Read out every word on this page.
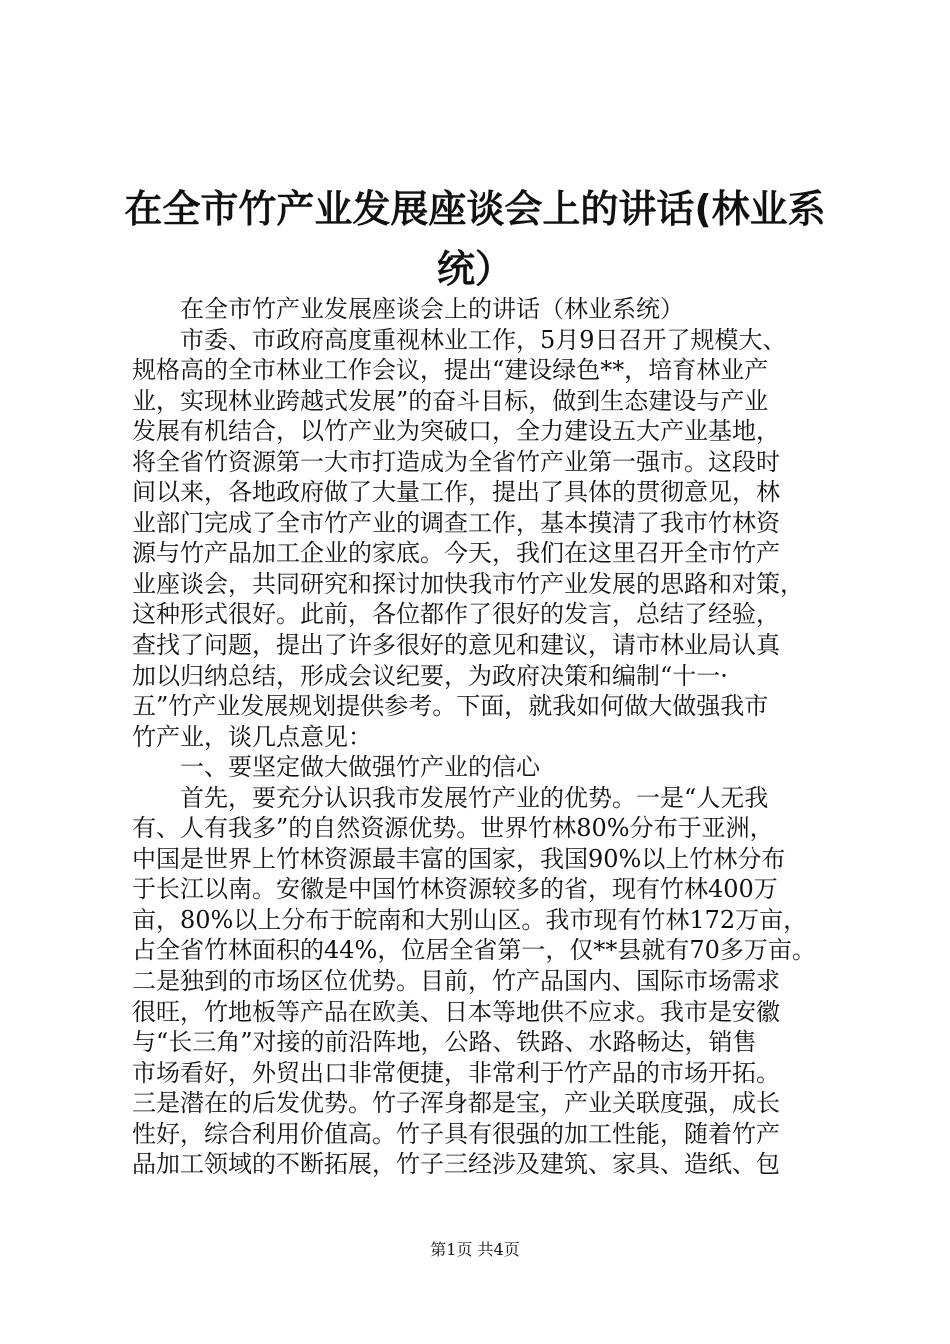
在全市竹产业发展座谈会上的讲话(林业系
统）

在全市竹产业发展座谈会上的讲话（林业系统）

市委、市政府高度重视林业工作，5月9日召开了规模大、

规格高的全市林业工作会议，提出“建设绿色**，培育林业产

业，实现林业跨越式发展”的奋斗目标，做到生态建设与产业

发展有机结合，以竹产业为突破口，全力建设五大产业基地，

将全省竹资源第一大市打造成为全省竹产业第一强市。这段时

间以来，各地政府做了大量工作，提出了具体的贯彻意见，林

业部门完成了全市竹产业的调查工作，基本摸清了我市竹林资

源与竹产品加工企业的家底。今天，我们在这里召开全市竹产

业座谈会，共同研究和探讨加快我市竹产业发展的思路和对策，

这种形式很好。此前，各位都作了很好的发言，总结了经验，

查找了问题，提出了许多很好的意见和建议，请市林业局认真

加以归纳总结，形成会议纪要，为政府决策和编制“十一·

五”竹产业发展规划提供参考。下面，就我如何做大做强我市

竹产业，谈几点意见：

一、要坚定做大做强竹产业的信心

首先，要充分认识我市发展竹产业的优势。一是“人无我

有、人有我多”的自然资源优势。世界竹林80%分布于亚洲，

中国是世界上竹林资源最丰富的国家，我国90%以上竹林分布

于长江以南。安徽是中国竹林资源较多的省，现有竹林400万

亩，80%以上分布于皖南和大别山区。我市现有竹林172万亩，

占全省竹林面积的44%，位居全省第一，仅**县就有70多万亩。

二是独到的市场区位优势。目前，竹产品国内、国际市场需求

很旺，竹地板等产品在欧美、日本等地供不应求。我市是安徽

与“长三角”对接的前沿阵地，公路、铁路、水路畅达，销售

市场看好，外贸出口非常便捷，非常利于竹产品的市场开拓。

三是潜在的后发优势。竹子浑身都是宝，产业关联度强，成长

性好，综合利用价值高。竹子具有很强的加工性能，随着竹产

品加工领域的不断拓展，竹子三经涉及建筑、家具、造纸、包

第1页 共4页
